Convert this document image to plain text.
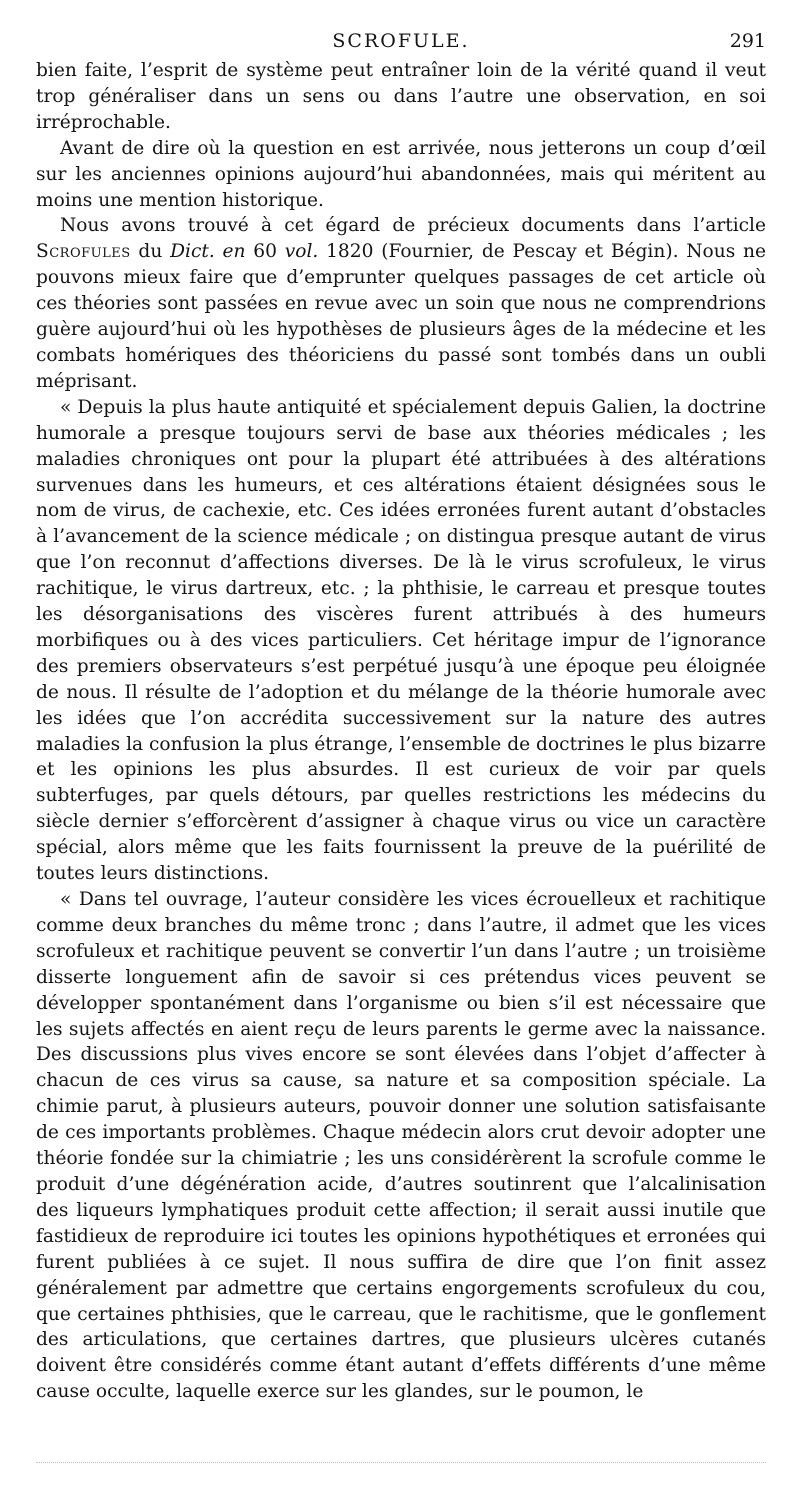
SCROFULE.	291

bien faite, l’esprit de système peut entraîner loin de la vérité quand il veut trop généraliser dans un sens ou dans l’autre une observation, en soi irréprochable.

Avant de dire où la question en est arrivée, nous jetterons un coup d’œil sur les anciennes opinions aujourd’hui abandonnées, mais qui méritent au moins une mention historique.

Nous avons trouvé à cet égard de précieux documents dans l’article Scrofules du Dict. en 60 vol. 1820 (Fournier, de Pescay et Bégin). Nous ne pouvons mieux faire que d’emprunter quelques passages de cet article où ces théories sont passées en revue avec un soin que nous ne comprendrions guère aujourd’hui où les hypothèses de plusieurs âges de la médecine et les combats homériques des théoriciens du passé sont tombés dans un oubli méprisant.

« Depuis la plus haute antiquité et spécialement depuis Galien, la doctrine humorale a presque toujours servi de base aux théories médicales ; les maladies chroniques ont pour la plupart été attribuées à des altérations survenues dans les humeurs, et ces altérations étaient désignées sous le nom de virus, de cachexie, etc. Ces idées erronées furent autant d’obstacles à l’avancement de la science médicale ; on distingua presque autant de virus que l’on reconnut d’affections diverses. De là le virus scrofuleux, le virus rachitique, le virus dartreux, etc. ; la phthisie, le carreau et presque toutes les désorganisations des viscères furent attribués à des humeurs morbifiques ou à des vices particuliers. Cet héritage impur de l’ignorance des premiers observateurs s’est perpétué jusqu’à une époque peu éloignée de nous. Il résulte de l’adoption et du mélange de la théorie humorale avec les idées que l’on accrédita successivement sur la nature des autres maladies la confusion la plus étrange, l’ensemble de doctrines le plus bizarre et les opinions les plus absurdes. Il est curieux de voir par quels subterfuges, par quels détours, par quelles restrictions les médecins du siècle dernier s’efforcèrent d’assigner à chaque virus ou vice un caractère spécial, alors même que les faits fournissent la preuve de la puérilité de toutes leurs distinctions.

« Dans tel ouvrage, l’auteur considère les vices écrouelleux et rachitique comme deux branches du même tronc ; dans l’autre, il admet que les vices scrofuleux et rachitique peuvent se convertir l’un dans l’autre ; un troisième disserte longuement afin de savoir si ces prétendus vices peuvent se développer spontanément dans l’organisme ou bien s’il est nécessaire que les sujets affectés en aient reçu de leurs parents le germe avec la naissance. Des discussions plus vives encore se sont élevées dans l’objet d’affecter à chacun de ces virus sa cause, sa nature et sa composition spéciale. La chimie parut, à plusieurs auteurs, pouvoir donner une solution satisfaisante de ces importants problèmes. Chaque médecin alors crut devoir adopter une théorie fondée sur la chimiatrie ; les uns considérèrent la scrofule comme le produit d’une dégénération acide, d’autres soutinrent que l’alcalinisation des liqueurs lymphatiques produit cette affection; il serait aussi inutile que fastidieux de reproduire ici toutes les opinions hypothétiques et erronées qui furent publiées à ce sujet. Il nous suffira de dire que l’on finit assez généralement par admettre que certains engorgements scrofuleux du cou, que certaines phthisies, que le carreau, que le rachitisme, que le gonflement des articulations, que certaines dartres, que plusieurs ulcères cutanés doivent être considérés comme étant autant d’effets différents d’une même cause occulte, laquelle exerce sur les glandes, sur le poumon, le
